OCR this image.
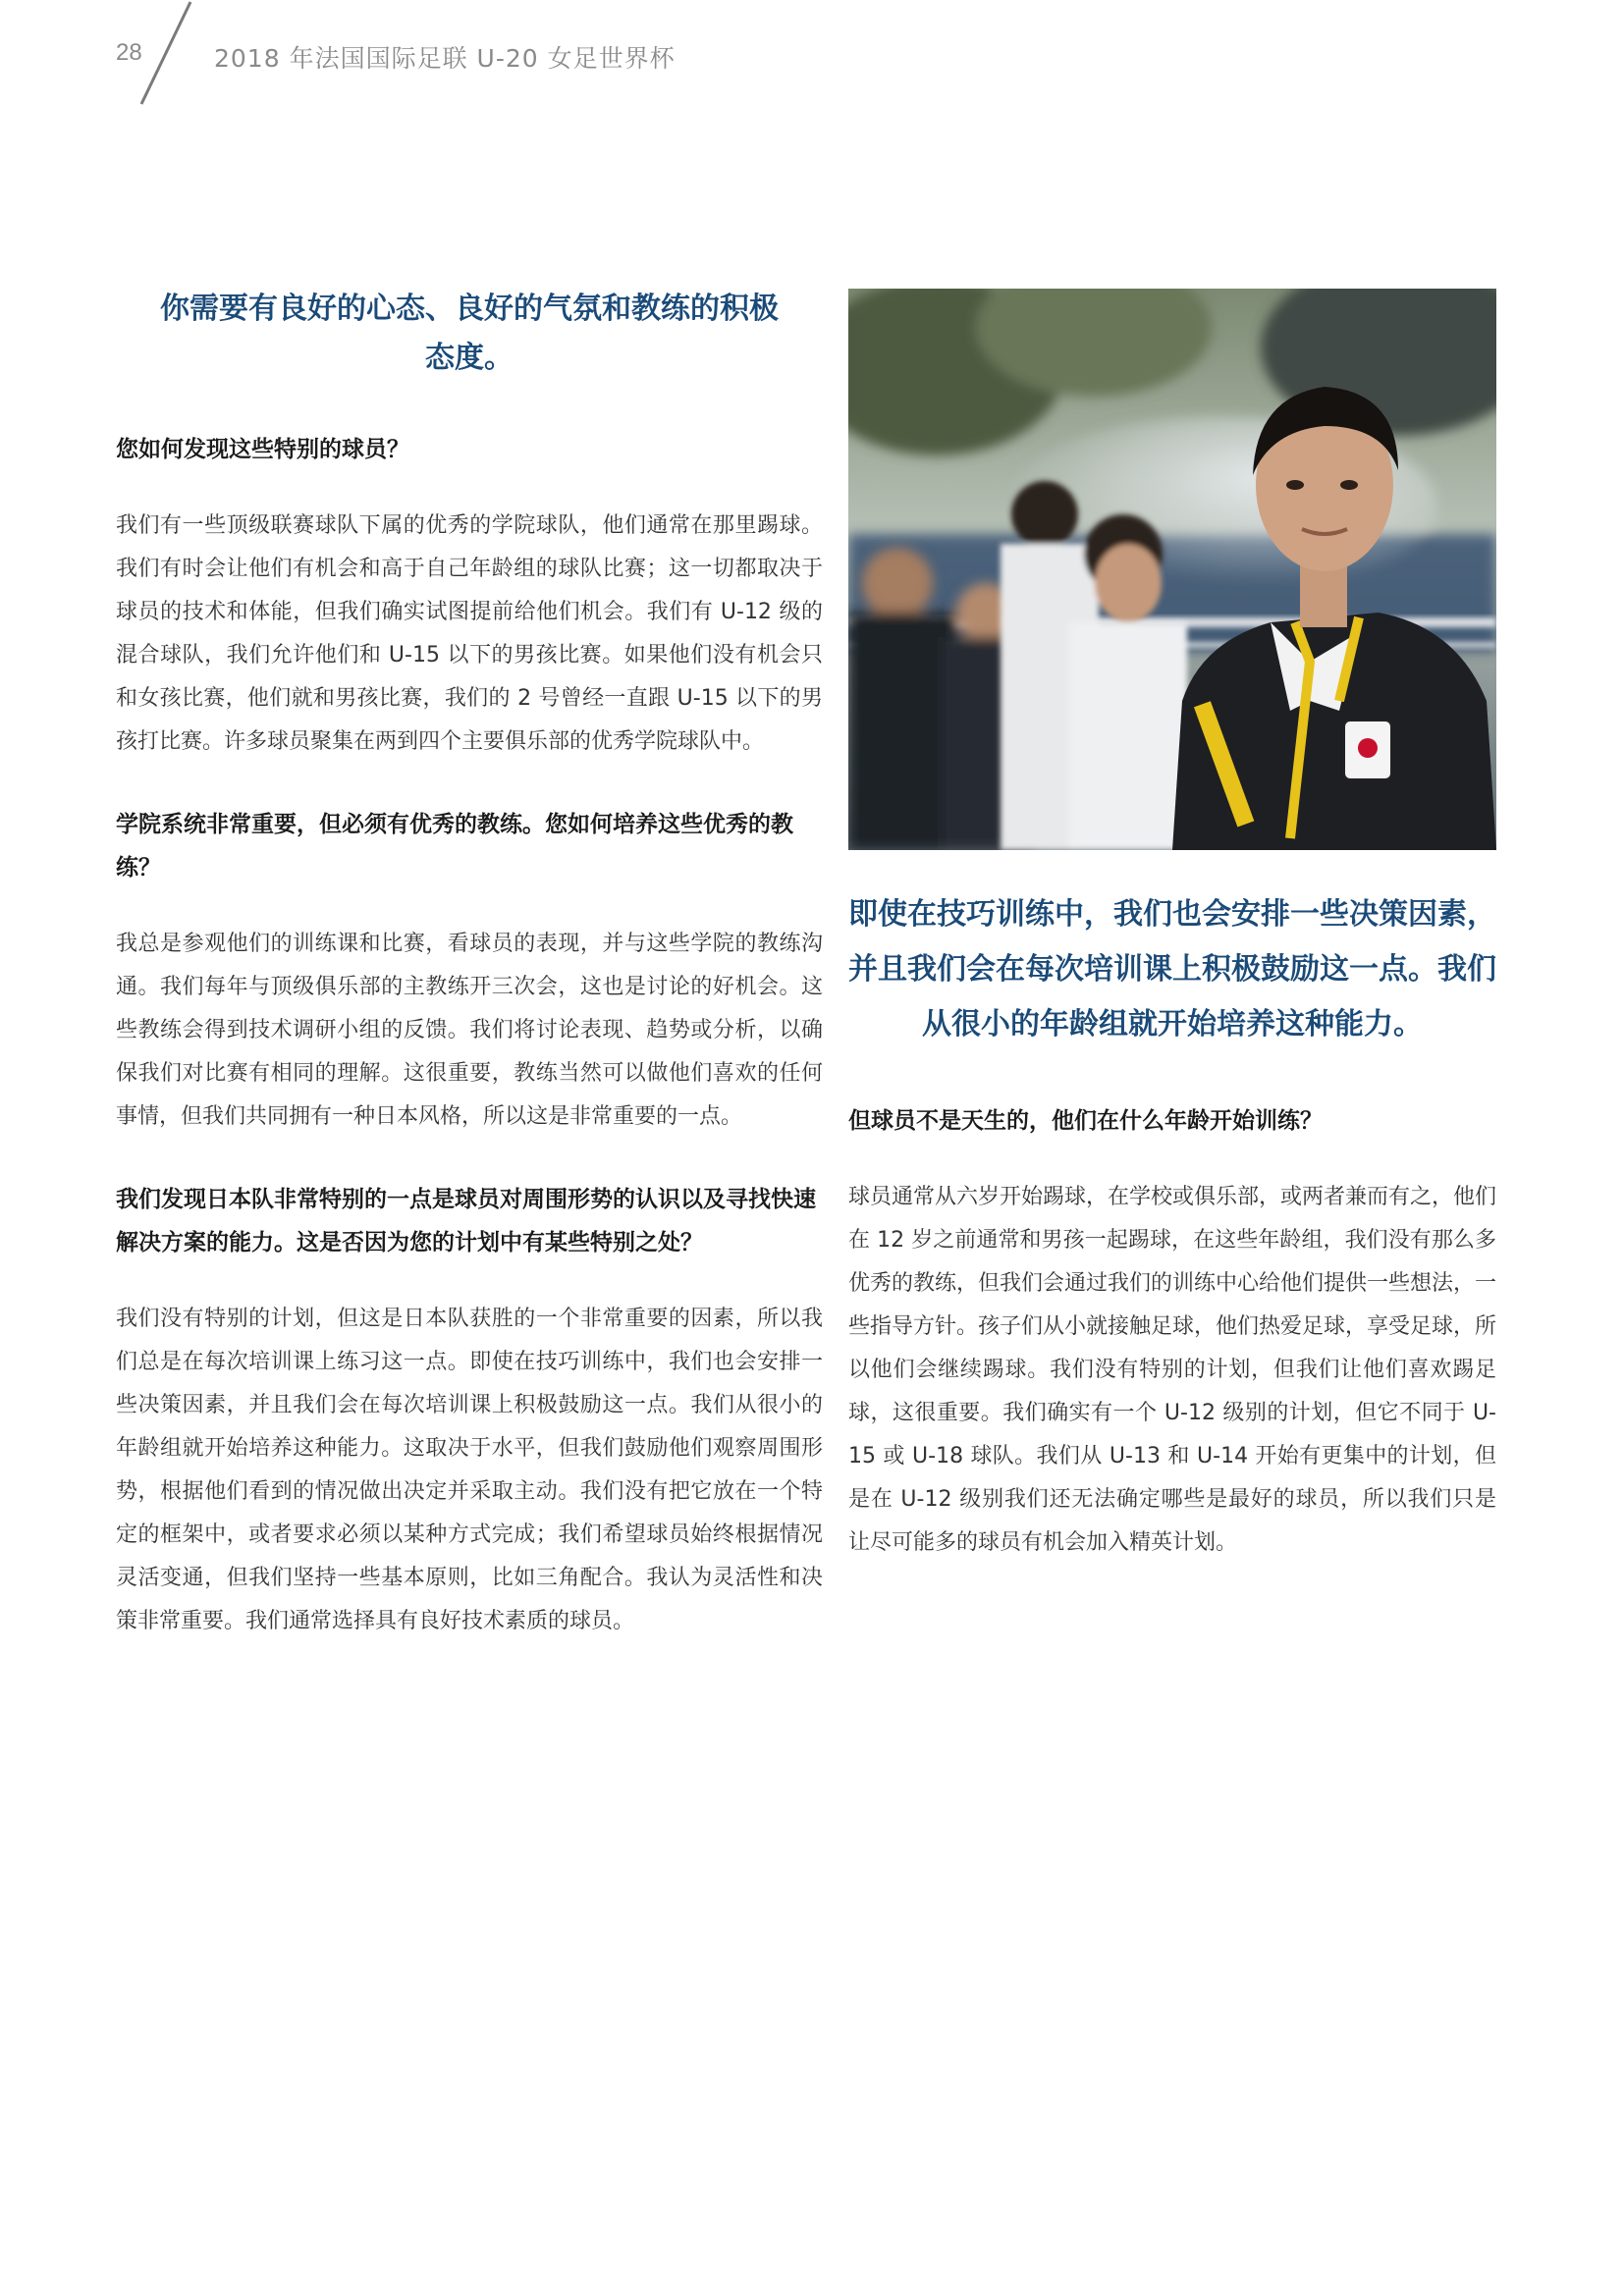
28	2018 年法国国际足联 U-20 女足世界杯
你需要有良好的心态、良好的气氛和教练的积极
态度。
您如何发现这些特别的球员？
我们有一些顶级联赛球队下属的优秀的学院球队，他们通常在那里踢球。我们有时会让他们有机会和高于自己年龄组的球队比赛；这一切都取决于球员的技术和体能，但我们确实试图提前给他们机会。我们有 U-12 级的混合球队，我们允许他们和 U-15 以下的男孩比赛。如果他们没有机会只和女孩比赛，他们就和男孩比赛，我们的 2 号曾经一直跟 U-15 以下的男孩打比赛。许多球员聚集在两到四个主要俱乐部的优秀学院球队中。
学院系统非常重要，但必须有优秀的教练。您如何培养这些优秀的教练？
我总是参观他们的训练课和比赛，看球员的表现，并与这些学院的教练沟通。我们每年与顶级俱乐部的主教练开三次会，这也是讨论的好机会。这些教练会得到技术调研小组的反馈。我们将讨论表现、趋势或分析，以确保我们对比赛有相同的理解。这很重要，教练当然可以做他们喜欢的任何事情，但我们共同拥有一种日本风格，所以这是非常重要的一点。
我们发现日本队非常特别的一点是球员对周围形势的认识以及寻找快速解决方案的能力。这是否因为您的计划中有某些特别之处？
我们没有特别的计划，但这是日本队获胜的一个非常重要的因素，所以我们总是在每次培训课上练习这一点。即使在技巧训练中，我们也会安排一些决策因素，并且我们会在每次培训课上积极鼓励这一点。我们从很小的年龄组就开始培养这种能力。这取决于水平，但我们鼓励他们观察周围形势，根据他们看到的情况做出决定并采取主动。我们没有把它放在一个特定的框架中，或者要求必须以某种方式完成；我们希望球员始终根据情况灵活变通，但我们坚持一些基本原则，比如三角配合。我认为灵活性和决策非常重要。我们通常选择具有良好技术素质的球员。
即使在技巧训练中，我们也会安排一些决策因素，
并且我们会在每次培训课上积极鼓励这一点。我们
从很小的年龄组就开始培养这种能力。
但球员不是天生的，他们在什么年龄开始训练？
球员通常从六岁开始踢球，在学校或俱乐部，或两者兼而有之，他们在 12 岁之前通常和男孩一起踢球，在这些年龄组，我们没有那么多优秀的教练，但我们会通过我们的训练中心给他们提供一些想法，一些指导方针。孩子们从小就接触足球，他们热爱足球，享受足球，所以他们会继续踢球。我们没有特别的计划，但我们让他们喜欢踢足球，这很重要。我们确实有一个 U-12 级别的计划，但它不同于 U-15 或 U-18 球队。我们从 U-13 和 U-14 开始有更集中的计划，但是在 U-12 级别我们还无法确定哪些是最好的球员，所以我们只是让尽可能多的球员有机会加入精英计划。
